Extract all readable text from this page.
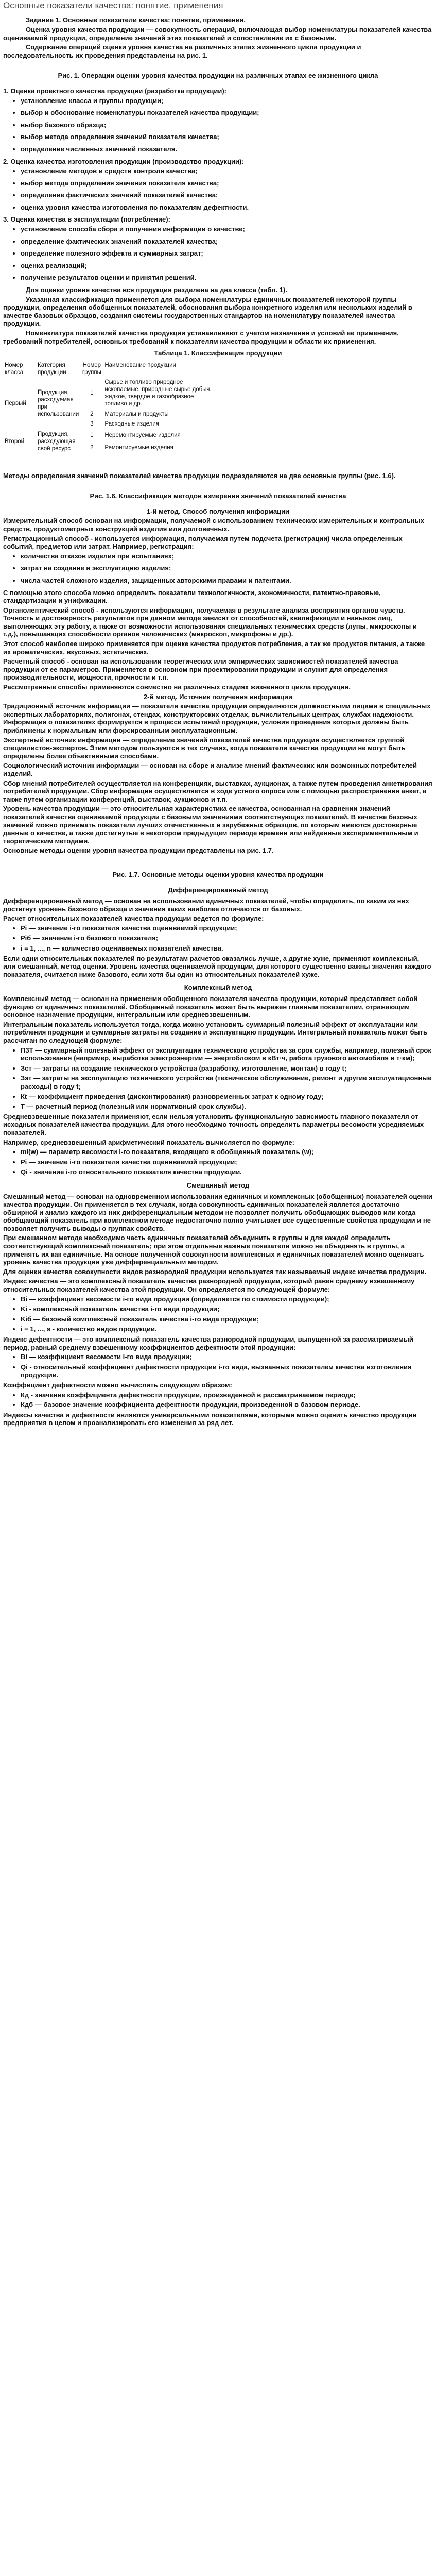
Основные показатели качества: понятие, применения

Задание 1. Основные показатели качества: понятие, применения.

Оценка уровня качества продукции — совокупность операций, включающая выбор номенклатуры показателей качества оцениваемой продукции, определение значений этих показателей и сопоставление их с базовыми.

Содержание операций оценки уровня качества на различных этапах жизненного цикла продукции и последовательность их проведения представлены на рис. 1.

Рис. 1. Операции оценки уровня качества продукции на различных этапах ее жизненного цикла

1. Оценка проектного качества продукции (разработка продукции):

• установление класса и группы продукции;
• выбор и обоснование номенклатуры показателей качества продукции;
• выбор базового образца;
• выбор метода определения значений показателя качества;
• определение численных значений показателя.

2. Оценка качества изготовления продукции (производство продукции):

• установление методов и средств контроля качества;
• выбор метода определения значения показателя качества;
• определение фактических значений показателей качества;
• оценка уровня качества изготовления по показателям дефектности.

3. Оценка качества в эксплуатации (потребление):

• установление способа сбора и получения информации о качестве;
• определение фактических значений показателей качества;
• определение полезного эффекта и суммарных затрат;
• оценка реализаций;
• получение результатов оценки и принятия решений.

Для оценки уровня качества вся продукция разделена на два класса (табл. 1).

Указанная классификация применяется для выбора номенклатуры единичных показателей некоторой группы продукции, определения обобщенных показателей, обоснования выбора конкретного изделия или нескольких изделий в качестве базовых образцов, создания системы государственных стандартов на номенклатуру показателей качества продукции.

Номенклатура показателей качества продукции устанавливают с учетом назначения и условий ее применения, требований потребителей, основных требований к показателям качества продукции и области их применения.

Таблица 1. Классификация продукции

Номер класса	Категория продукции	Номер группы	Наименование продукции
Первый	Продукция, расходуемая при использовании	1	Сырье и топливо природное ископаемые, природные сырье добыч. жидкое, твердое и газообразное топливо и др.
		2	Материалы и продукты
		3	Расходные изделия
Второй	Продукция, расходующая свой ресурс	1	Неремонтируемые изделия
		2	Ремонтируемые изделия

Методы определения значений показателей качества продукции подразделяются на две основные группы (рис. 1.6).

Рис. 1.6. Классификация методов измерения значений показателей качества

1-й метод. Способ получения информации

Измерительный способ основан на информации, получаемой с использованием технических измерительных и контрольных средств, продуктометрных конструкций изделия или долговечных.

Регистрационный способ - используется информация, получаемая путем подсчета (регистрации) числа определенных событий, предметов или затрат. Например, регистрация:

• количества отказов изделия при испытаниях;
• затрат на создание и эксплуатацию изделия;
• числа частей сложного изделия, защищенных авторскими правами и патентами.

С помощью этого способа можно определить показатели технологичности, экономичности, патентно-правовые, стандартизации и унификации.

Органолептический способ - используются информация, получаемая в результате анализа восприятия органов чувств. Точность и достоверность результатов при данном методе зависят от способностей, квалификации и навыков лиц, выполняющих эту работу, а также от возможности использования специальных технических средств (лупы, микроскопы и т.д.), повышающих способности органов человеческих (микроскоп, микрофоны и др.).

Этот способ наиболее широко применяется при оценке качества продуктов потребления, а так же продуктов питания, а также их ароматических, вкусовых, эстетических.

Расчетный способ - основан на использовании теоретических или эмпирических зависимостей показателей качества продукции от ее параметров. Применяется в основном при проектировании продукции и служит для определения производительности, мощности, прочности и т.п.

Рассмотренные способы применяются совместно на различных стадиях жизненного цикла продукции.

2-й метод. Источник получения информации

Традиционный источник информации — показатели качества продукции определяются должностными лицами в специальных экспертных лабораториях, полигонах, стендах, конструкторских отделах, вычислительных центрах, службах надежности. Информация о показателях формируется в процессе испытаний продукции, условия проведения которых должны быть приближены к нормальным или форсированным эксплуатационным.

Экспертный источник информации — определение значений показателей качества продукции осуществляется группой специалистов-экспертов. Этим методом пользуются в тех случаях, когда показатели качества продукции не могут быть определены более объективными способами.

Социологический источник информации — основан на сборе и анализе мнений фактических или возможных потребителей изделий.

Сбор мнений потребителей осуществляется на конференциях, выставках, аукционах, а также путем проведения анкетирования потребителей продукции. Сбор информации осуществляется в ходе устного опроса или с помощью распространения анкет, а также путем организации конференций, выставок, аукционов и т.п.

Уровень качества продукции — это относительная характеристика ее качества, основанная на сравнении значений показателей качества оцениваемой продукции с базовыми значениями соответствующих показателей. В качестве базовых значений можно принимать показатели лучших отечественных и зарубежных образцов, по которым имеются достоверные данные о качестве, а также достигнутые в некотором предыдущем периоде времени или найденные экспериментальным и теоретическим методами.

Основные методы оценки уровня качества продукции представлены на рис. 1.7.

Рис. 1.7. Основные методы оценки уровня качества продукции

Дифференцированный метод

Дифференцированный метод — основан на использовании единичных показателей, чтобы определить, по каким из них достигнут уровень базового образца и значения каких наиболее отличаются от базовых.

Расчет относительных показателей качества продукции ведется по формуле:

• Pi — значение i-го показателя качества оцениваемой продукции;
• Piб — значение i-го базового показателя;
• i = 1, ..., n — количество оцениваемых показателей качества.

Если одни относительных показателей по результатам расчетов оказались лучше, а другие хуже, применяют комплексный, или смешанный, метод оценки. Уровень качества оцениваемой продукции, для которого существенно важны значения каждого показателя, считается ниже базового, если хотя бы один из относительных показателей хуже.

Комплексный метод

Комплексный метод — основан на применении обобщенного показателя качества продукции, который представляет собой функцию от единичных показателей. Обобщенный показатель может быть выражен главным показателем, отражающим основное назначение продукции, интегральным или средневзвешенным.

Интегральным показатель используется тогда, когда можно установить суммарный полезный эффект от эксплуатации или потребления продукции и суммарные затраты на создание и эксплуатацию продукции. Интегральный показатель может быть рассчитан по следующей формуле:

• П3Т — суммарный полезный эффект от эксплуатации технического устройства за срок службы, например, полезный срок использования (например, выработка электроэнергии — энергоблоком в кВт·ч, работа грузового автомобиля в т·км);
• Зст — затраты на создание технического устройства (разработку, изготовление, монтаж) в году t;
• Зэт — затраты на эксплуатацию технического устройства (техническое обслуживание, ремонт и другие эксплуатационные расходы) в году t;
• Кt — коэффициент приведения (дисконтирования) разновременных затрат к одному году;
• Т — расчетный период (полезный или нормативный срок службы).

Средневзвешенные показатели применяют, если нельзя установить функциональную зависимость главного показателя от исходных показателей качества продукции. Для этого необходимо точность определить параметры весомости усредняемых показателей.

Например, средневзвешенный арифметический показатель вычисляется по формуле:

• mi(w) — параметр весомости i-го показателя, входящего в обобщенный показатель (w);
• Pi — значение i-го показателя качества оцениваемой продукции;
• Qi - значение i-го относительного показателя качества продукции.

Смешанный метод

Смешанный метод — основан на одновременном использовании единичных и комплексных (обобщенных) показателей оценки качества продукции. Он применяется в тех случаях, когда совокупность единичных показателей является достаточно обширной и анализ каждого из них дифференциальным методом не позволяет получить обобщающих выводов или когда обобщающий показатель при комплексном методе недостаточно полно учитывает все существенные свойства продукции и не позволяет получить выводы о группах свойств.

При смешанном методе необходимо часть единичных показателей объединить в группы и для каждой определить соответствующий комплексный показатель; при этом отдельные важные показатели можно не объединять в группы, а применять их как единичные. На основе полученной совокупности комплексных и единичных показателей можно оценивать уровень качества продукции уже дифференциальным методом.

Для оценки качества совокупности видов разнородной продукции используется так называемый индекс качества продукции.

Индекс качества — это комплексный показатель качества разнородной продукции, который равен среднему взвешенному относительных показателей качества этой продукции. Он определяется по следующей формуле:

• Bi — коэффициент весомости i-го вида продукции (определяется по стоимости продукции);
• Ki - комплексный показатель качества i-го вида продукции;
• Kiб — базовый комплексный показатель качества i-го вида продукции;
• i = 1, ..., s - количество видов продукции.

Индекс дефектности — это комплексный показатель качества разнородной продукции, выпущенной за рассматриваемый период, равный среднему взвешенному коэффициентов дефектности этой продукции:

• Bi — коэффициент весомости i-го вида продукции;
• Qi - относительный коэффициент дефектности продукции i-го вида, вызванных показателем качества изготовления продукции.

Коэффициент дефектности можно вычислить следующим образом:

• Кд - значение коэффициента дефектности продукции, произведенной в рассматриваемом периоде;
• Кдб — базовое значение коэффициента дефектности продукции, произведенной в базовом периоде.

Индексы качества и дефектности являются универсальными показателями, которыми можно оценить качество продукции предприятия в целом и проанализировать его изменения за ряд лет.
